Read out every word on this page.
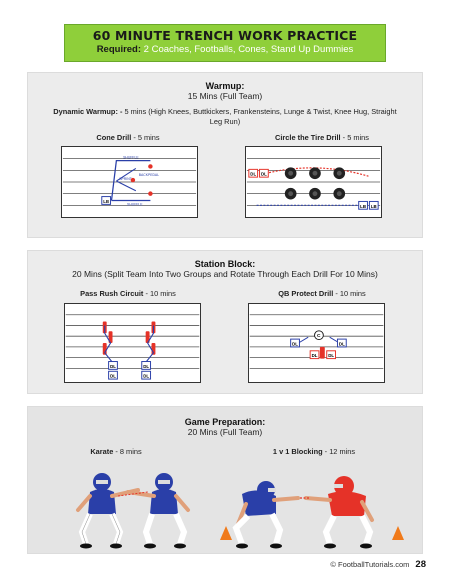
60 MINUTE TRENCH WORK PRACTICE
Required: 2 Coaches, Footballs, Cones, Stand Up Dummies
Warmup:
15 Mins (Full Team)
Dynamic Warmup: - 5 mins (High Knees, Buttkickers, Frankensteins, Lunge & Twist, Knee Hug, Straight Leg Run)
Cone Drill - 5 mins	Circle the Tire Drill - 5 mins
SHUFFLE
BACKPEDAL
SPRINT
SHUFFLE
LB
DL DL
LB LB
Station Block:
20 Mins (Split Team Into Two Groups and Rotate Through Each Drill For 10 Mins)
Pass Rush Circuit - 10 mins	QB Protect Drill - 10 mins
DL
DL
DL
DL
C
DL	DL
DL DL
Game Preparation:
20 Mins (Full Team)
Karate - 8 mins	1 v 1 Blocking - 12 mins
© FootballTutorials.com 28
